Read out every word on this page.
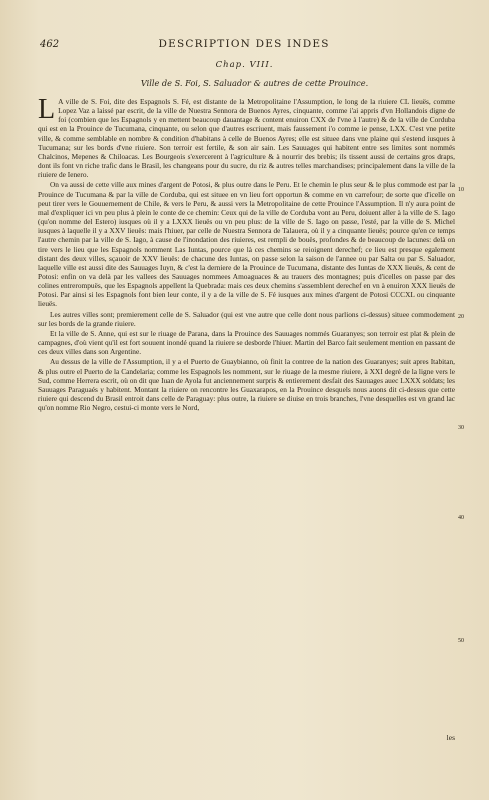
462	DESCRIPTION DES INDES
Chap. VIII.
Ville de S. Foi, S. Saluador & autres de cette Prouince.

L A ville de S. Foi, dite des Espagnols S. Fé, est distante de la Metropolitaine l'Assumption, le long de la riuiere CL lieuës, comme Lopez Vaz a laissé par escrit, de la ville de Nuestra Sennora de Buenos Ayres, cinquante, comme i'ai appris d'vn Hollandois digne de foi (combien que les Espagnols y en mettent beaucoup dauantage & content enuiron CXX de l'vne à l'autre) & de la ville de Corduba qui est en la Prouince de Tucumana, cinquante, ou selon que d'autres escriuent, mais faussement i'o comme ie pense, LXX. C'est vne petite ville, & comme semblable en nombre & condition d'habitans à celle de Buenos Ayres; elle est situee dans vne plaine qui s'estend iusques à Tucumana; sur les bords d'vne riuiere. Son terroir est fertile, & son air sain. Les Sauuages qui habitent entre ses limites sont nommés Chalcinos, Mepenes & Chiloacas. Les Bourgeois s'exercerent à l'agriculture & à nourrir des brebis; ils tissent aussi de certains gros draps, dont ils font vn riche trafic dans le Brasil, les changeans pour du sucre, du riz & autres telles marchandises; principalement dans la ville de la riuiere de Ienero.

On va aussi de cette ville aux mines d'argent de Potosi, & plus outre dans le Peru. Et le chemin le plus seur & le plus commode est par la Prouince de Tucumana & par la ville de Corduba, qui est situee en vn lieu fort opportun & comme en vn carrefour; de sorte que d'icelle on peut tirer vers le Gouuernement de Chile, & vers le Peru, & aussi vers la Metropolitaine de cette Prouince l'Assumption. Il n'y aura point de mal d'expliquer ici vn peu plus à plein le conte de ce chemin: Ceux qui de la ville de Corduba vont au Peru, doiuent aller à la ville de S. Iago (qu'on nomme del Estero) iusques où il y a LXXX lieuës ou vn peu plus: de la ville de S. Iago on passe, l'esté, par la ville de S. Michel iusques à laquelle il y a XXV lieuës: mais l'hiuer, par celle de Nuestra Sennora de Talauera, où il y a cinquante lieuës; pource qu'en ce temps l'autre chemin par la ville de S. Iago, à cause de l'inondation des riuieres, est rempli de bouës, profondes & de beaucoup de lacunes: delà on tire vers le lieu que les Espagnols nomment Las Iuntas, pource que là ces chemins se reioignent derechef; ce lieu est presque egalement distant des deux villes, sçauoir de XXV lieuës: de chacune des Iuntas, on passe selon la saison de l'annee ou par Salta ou par S. Saluador, laquelle ville est aussi dite des Sauuages Iuyn, & c'est la derniere de la Prouince de Tucumana, distante des Iuntas de XXX lieuës, & cent de Potosi: enfin on va delà par les vallees des Sauuages nommees Amoaguaces & au trauers des montagnes; puis d'icelles on passe par des colines entrerompuës, que les Espagnols appellent la Quebrada: mais ces deux chemins s'assemblent derechef en vn à enuiron XXX lieuës de Potosi. Par ainsi si les Espagnols font bien leur conte, il y a de la ville de S. Fé iusques aux mines d'argent de Potosi CCCXL ou cinquante lieuës.

Les autres villes sont; premierement celle de S. Saluador (qui est vne autre que celle dont nous parlions ci-dessus) situee commodement sur les bords de la grande riuiere.

Et la ville de S. Anne, qui est sur le riuage de Parana, dans la Prouince des Sauuages nommés Guaranyes; son terroir est plat & plein de campagnes, d'où vient qu'il est fort souuent inondé quand la riuiere se desborde l'hiuer. Martin del Barco fait seulement mention en passant de ces deux villes dans son Argentine.

Au dessus de la ville de l'Assumption, il y a el Puerto de Guaybianno, où finit la contree de la nation des Guaranyes; suit apres Itabitan, & plus outre el Puerto de la Candelaria; comme les Espagnols les nomment, sur le riuage de la mesme riuiere, à XXI degré de la ligne vers le Sud, comme Herrera escrit, où on dit que Iuan de Ayola fut anciennement surpris & entierement desfait des Sauuages auec LXXX soldats; les Sauuages Paraguaés y habitent. Montant la riuiere on rencontre les Guaxarapos, en la Prouince desquels nous auons dit ci-dessus que cette riuiere qui descend du Brasil entroit dans celle de Paraguay: plus outre, la riuiere se diuise en trois branches, l'vne desquelles est vn grand lac qu'on nomme Rio Negro, cestui-ci monte vers le Nord,

10
20
30
40
50
les
